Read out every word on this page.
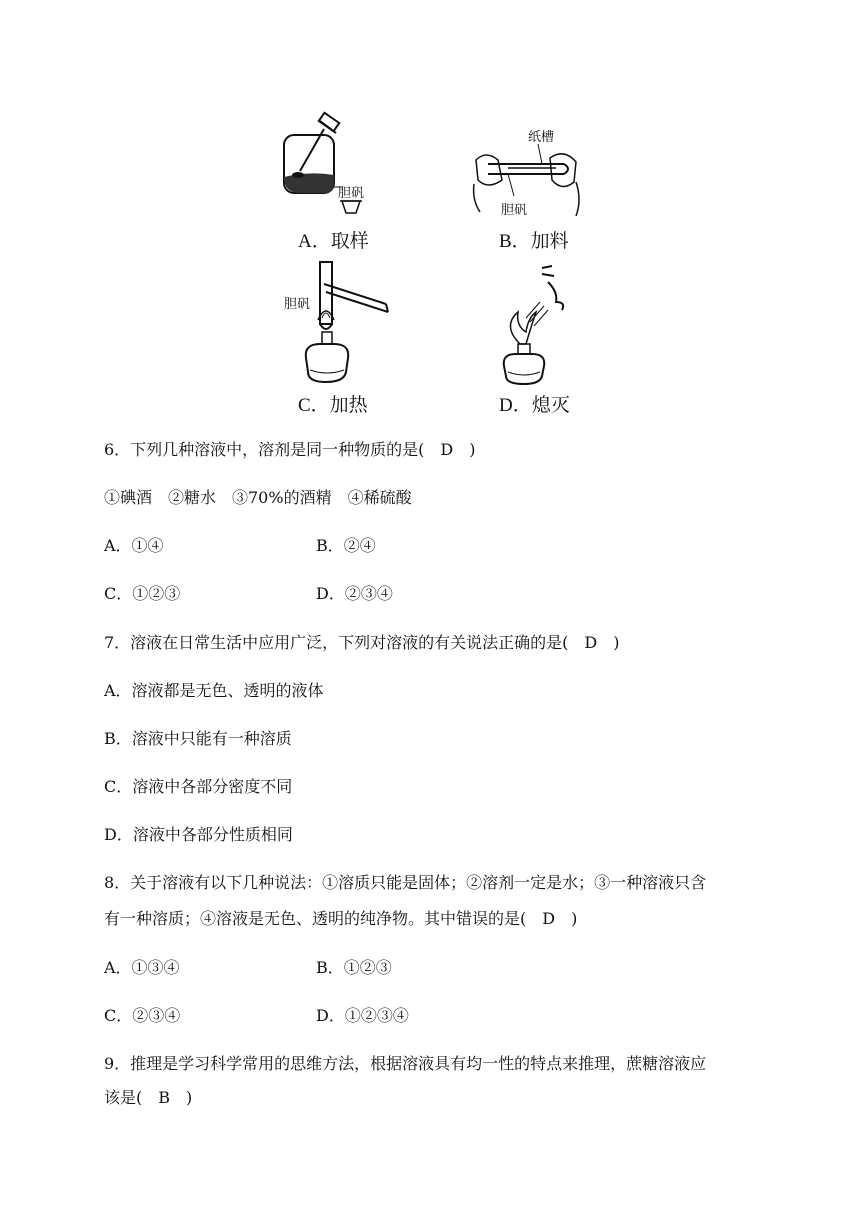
胆矾
A．取样
纸槽
胆矾
B．加料
胆矾
C．加热	D．熄灭
6．下列几种溶液中，溶剂是同一种物质的是(　D　)
①碘酒　②糖水　③70%的酒精　④稀硫酸
A．①④	B．②④
C．①②③	D．②③④
7．溶液在日常生活中应用广泛，下列对溶液的有关说法正确的是(　D　)
A．溶液都是无色、透明的液体
B．溶液中只能有一种溶质
C．溶液中各部分密度不同
D．溶液中各部分性质相同
8．关于溶液有以下几种说法：①溶质只能是固体；②溶剂一定是水；③一种溶液只含
有一种溶质；④溶液是无色、透明的纯净物。其中错误的是(　D　)
A．①③④	B．①②③
C．②③④	D．①②③④
9．推理是学习科学常用的思维方法，根据溶液具有均一性的特点来推理，蔗糖溶液应
该是(　B　)
